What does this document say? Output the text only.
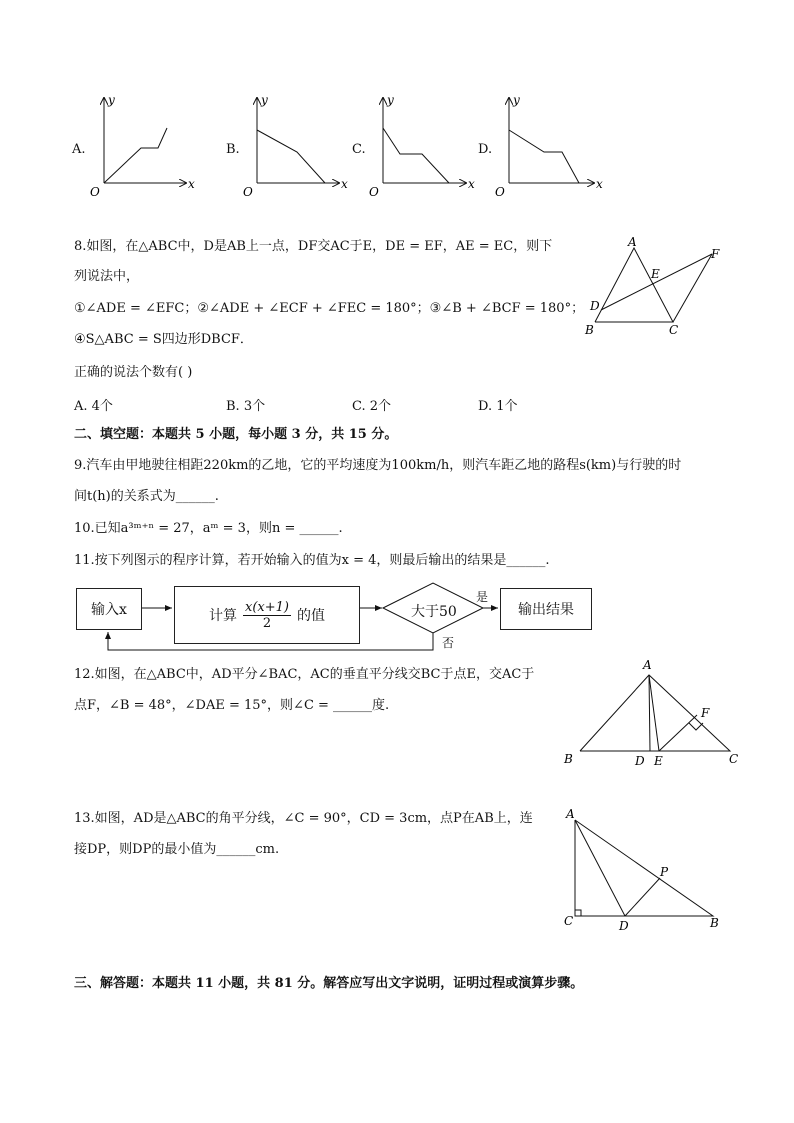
A.	B.	C.	D.
y
x
O
y
x
O
y
x
O
y
x
O
8.如图，在△ABC中，D是AB上一点，DF交AC于E，DE = EF，AE = EC，则下
列说法中，
①∠ADE = ∠EFC；②∠ADE + ∠ECF + ∠FEC = 180°；③∠B + ∠BCF = 180°；
④S△ABC = S四边形DBCF．
正确的说法个数有( )
A. 4个	B. 3个	C. 2个	D. 1个
A
B	C
D
E
F
二、填空题：本题共 5 小题，每小题 3 分，共 15 分。
9.汽车由甲地驶往相距220km的乙地，它的平均速度为100km/h，则汽车距乙地的路程s(km)与行驶的时
间t(h)的关系式为______.
10.已知a³ᵐ⁺ⁿ = 27，aᵐ = 3，则n = ______.
11.按下列图示的程序计算，若开始输入的值为x = 4，则最后输出的结果是______.
输入x	计算 $\frac{x(x+1)}{2}$ 的值	大于50
是
否
输出结果
12.如图，在△ABC中，AD平分∠BAC，AC的垂直平分线交BC于点E，交AC于
点F，∠B = 48°，∠DAE = 15°，则∠C = ______度.
A
B	C
D E
F
13.如图，AD是△ABC的角平分线，∠C = 90°，CD = 3cm，点P在AB上，连
接DP，则DP的最小值为______cm.
A
C	D	B
P
三、解答题：本题共 11 小题，共 81 分。解答应写出文字说明，证明过程或演算步骤。
